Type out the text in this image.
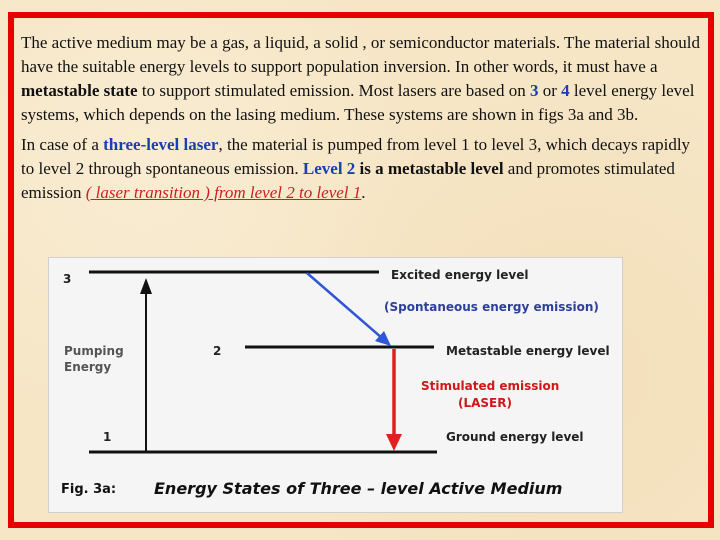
The active medium may be a gas, a liquid, a solid , or semiconductor materials. The material should have the suitable energy levels to support population inversion. In other words, it must have a metastable state to support stimulated emission. Most lasers are based on 3 or 4 level energy level systems, which depends on the lasing medium. These systems are shown in figs 3a and 3b.

In case of a three-level laser, the material is pumped from level 1 to level 3, which decays rapidly to level 2 through spontaneous emission. Level 2 is a metastable level and promotes stimulated emission ( laser transition ) from level 2 to level 1.

3
2
1
Pumping
Energy
Excited energy level
(Spontaneous energy emission)
Metastable energy level
Stimulated emission
(LASER)
Ground energy level
Fig. 3a: Energy States of Three – level Active Medium
